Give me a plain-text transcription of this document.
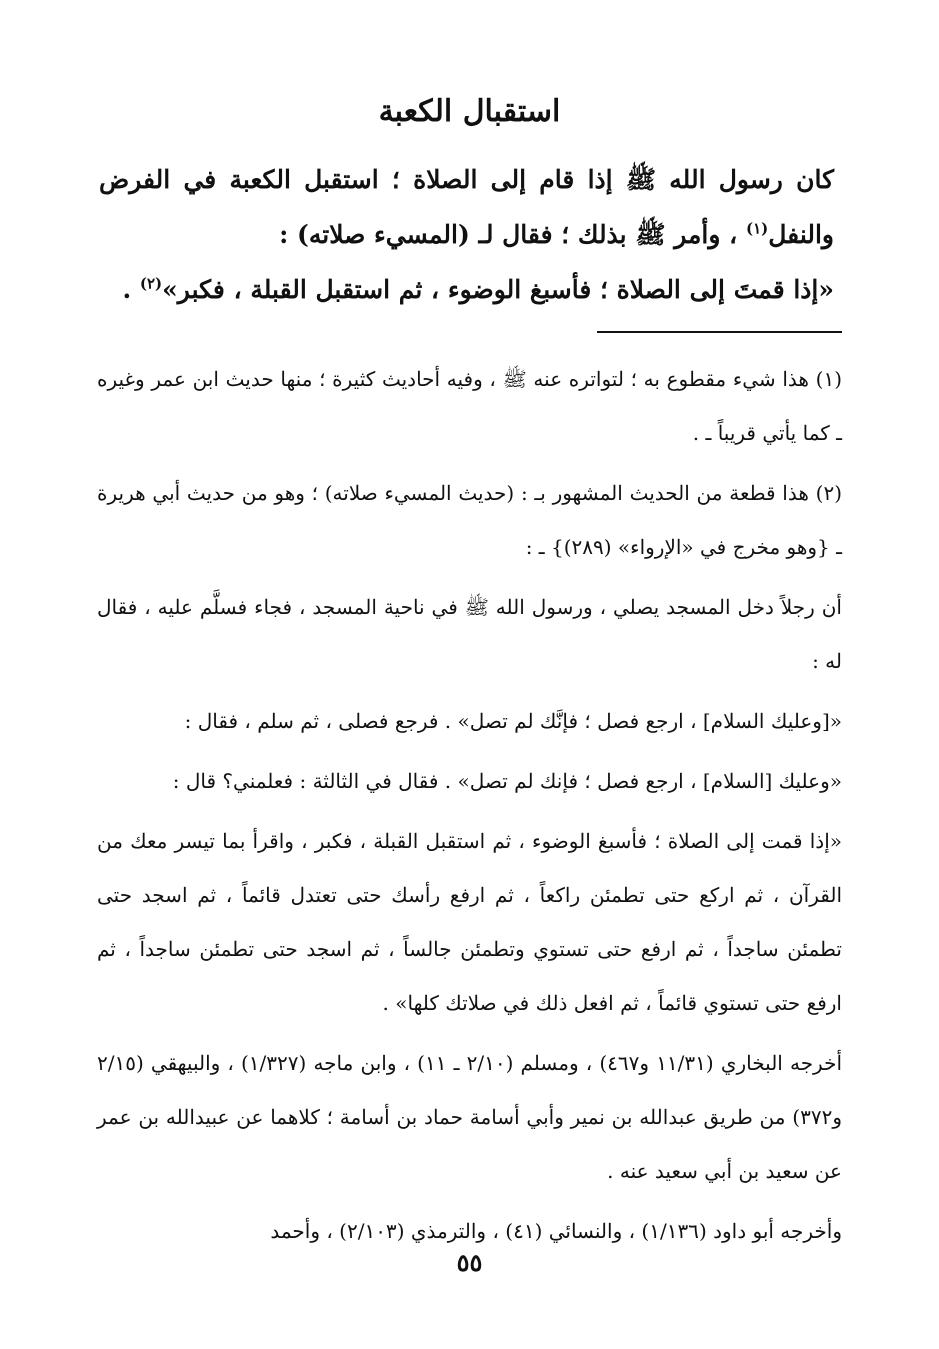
استقبال الكعبة

كان رسول الله ﷺ إذا قام إلى الصلاة ؛ استقبل الكعبة في الفرض والنفل$^{(١)}$ ، وأمر ﷺ بذلك ؛ فقال لـ (المسيء صلاته) :

«إذا قمتَ إلى الصلاة ؛ فأسبغ الوضوء ، ثم استقبل القبلة ، فكبر»$^{(٢)}$ .

(١) هذا شيء مقطوع به ؛ لتواتره عنه ﷺ ، وفيه أحاديث كثيرة ؛ منها حديث ابن عمر وغيره ـ كما يأتي قريباً ـ .

(٢) هذا قطعة من الحديث المشهور بـ : (حديث المسيء صلاته) ؛ وهو من حديث أبي هريرة ـ {وهو مخرج في «الإرواء» (٢٨٩)} ـ :

أن رجلاً دخل المسجد يصلي ، ورسول الله ﷺ في ناحية المسجد ، فجاء فسلَّم عليه ، فقال له :

«[وعليك السلام] ، ارجع فصل ؛ فإنَّك لم تصل» . فرجع فصلى ، ثم سلم ، فقال :

«وعليك [السلام] ، ارجع فصل ؛ فإنك لم تصل» . فقال في الثالثة : فعلمني؟ قال :

«إذا قمت إلى الصلاة ؛ فأسبغ الوضوء ، ثم استقبل القبلة ، فكبر ، واقرأ بما تيسر معك من القرآن ، ثم اركع حتى تطمئن راكعاً ، ثم ارفع رأسك حتى تعتدل قائماً ، ثم اسجد حتى تطمئن ساجداً ، ثم ارفع حتى تستوي وتطمئن جالساً ، ثم اسجد حتى تطمئن ساجداً ، ثم ارفع حتى تستوي قائماً ، ثم افعل ذلك في صلاتك كلها» .

أخرجه البخاري (١١/٣١ و٤٦٧) ، ومسلم (٢/١٠ ـ ١١) ، وابن ماجه (١/٣٢٧) ، والبيهقي (٢/١٥ و٣٧٢) من طريق عبدالله بن نمير وأبي أسامة حماد بن أسامة ؛ كلاهما عن عبيدالله بن عمر عن سعيد بن أبي سعيد عنه .

وأخرجه أبو داود (١/١٣٦) ، والنسائي (٤١) ، والترمذي (٢/١٠٣) ، وأحمد

٥٥
